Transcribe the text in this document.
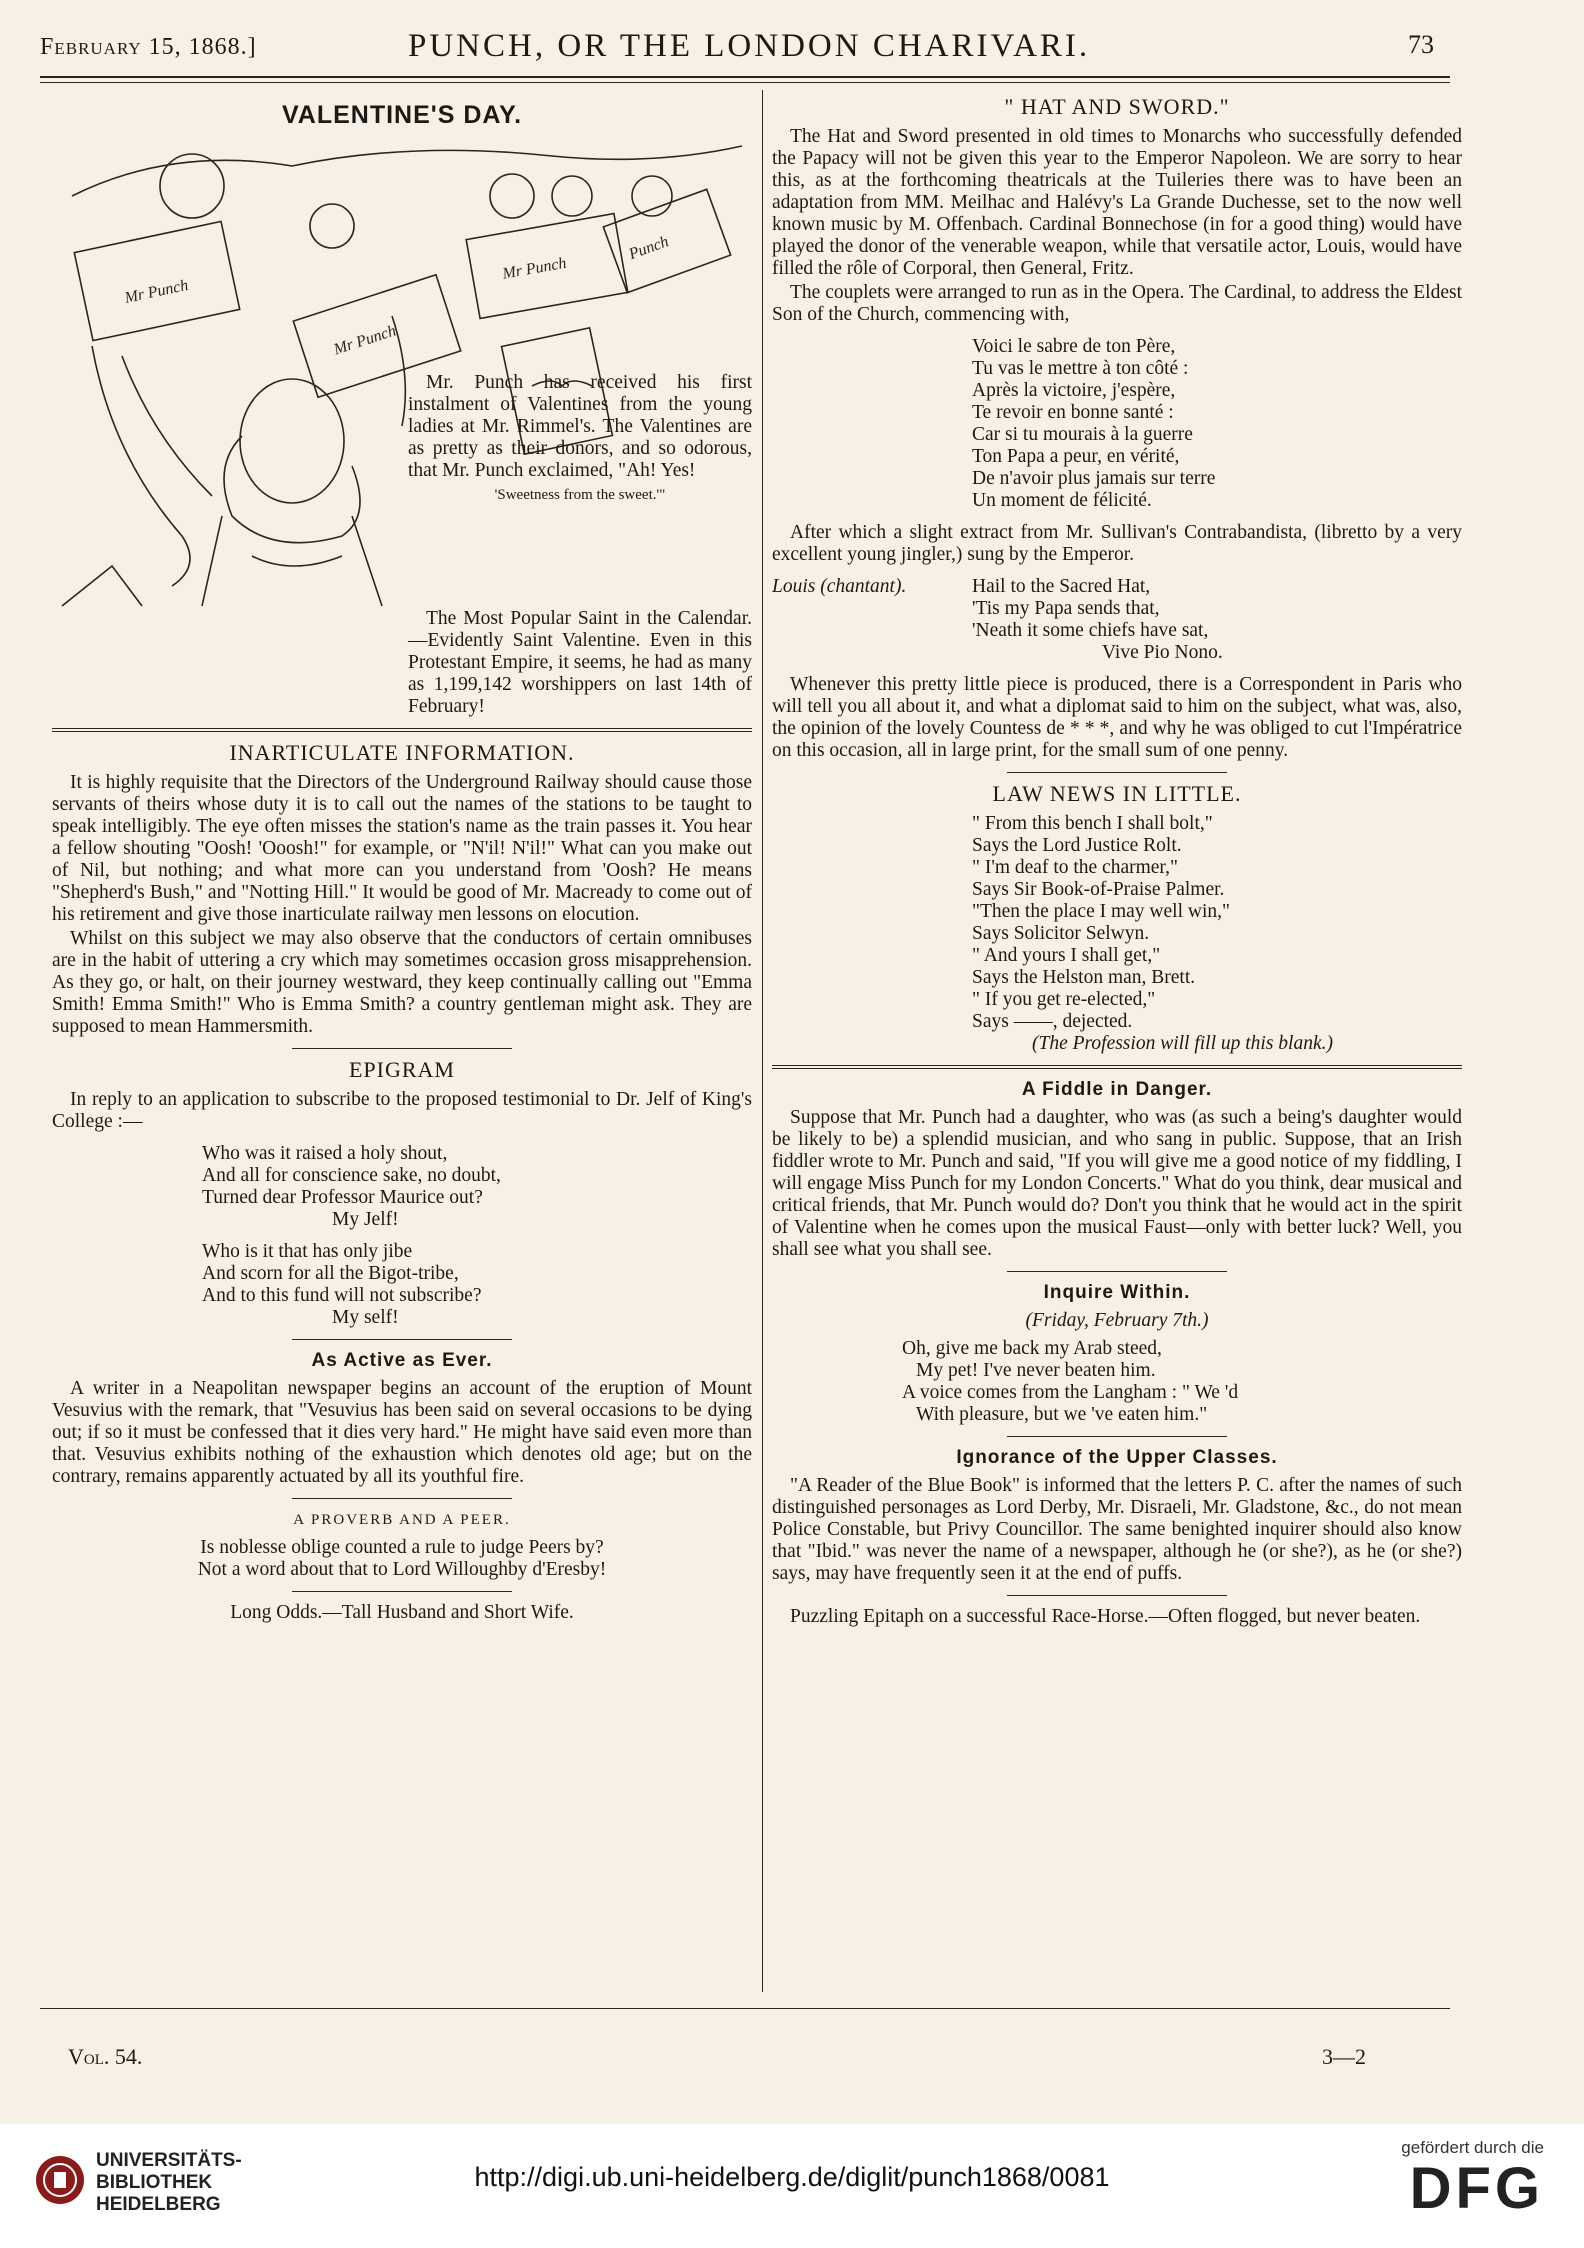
February 15, 1868.]	PUNCH, OR THE LONDON CHARIVARI.	73
VALENTINE'S DAY.
Mr Punch
Mr Punch
Mr Punch
Punch

Mr. Punch has received his first instalment of Valentines from the young ladies at Mr. Rimmel's. The Valentines are as pretty as their donors, and so odorous, that Mr. Punch exclaimed, "Ah! Yes!

'Sweetness from the sweet.'"

The Most Popular Saint in the Calendar.—Evidently Saint Valentine. Even in this Protestant Empire, it seems, he had as many as 1,199,142 worshippers on last 14th of February!

INARTICULATE INFORMATION.

It is highly requisite that the Directors of the Underground Railway should cause those servants of theirs whose duty it is to call out the names of the stations to be taught to speak intelligibly. The eye often misses the station's name as the train passes it. You hear a fellow shouting "Oosh! 'Ooosh!" for example, or "N'il! N'il!" What can you make out of Nil, but nothing; and what more can you understand from 'Oosh? He means "Shepherd's Bush," and "Notting Hill." It would be good of Mr. Macready to come out of his retirement and give those inarticulate railway men lessons on elocution.

Whilst on this subject we may also observe that the conductors of certain omnibuses are in the habit of uttering a cry which may sometimes occasion gross misapprehension. As they go, or halt, on their journey westward, they keep continually calling out "Emma Smith! Emma Smith!" Who is Emma Smith? a country gentleman might ask. They are supposed to mean Hammersmith.

EPIGRAM

In reply to an application to subscribe to the proposed testimonial to Dr. Jelf of King's College :—

Who was it raised a holy shout,
And all for conscience sake, no doubt,
Turned dear Professor Maurice out?
My Jelf!
Who is it that has only jibe
And scorn for all the Bigot-tribe,
And to this fund will not subscribe?
My self!
As Active as Ever.

A writer in a Neapolitan newspaper begins an account of the eruption of Mount Vesuvius with the remark, that "Vesuvius has been said on several occasions to be dying out; if so it must be confessed that it dies very hard." He might have said even more than that. Vesuvius exhibits nothing of the exhaustion which denotes old age; but on the contrary, remains apparently actuated by all its youthful fire.

A PROVERB AND A PEER.
Is noblesse oblige counted a rule to judge Peers by?
Not a word about that to Lord Willoughby d'Eresby!
Long Odds.—Tall Husband and Short Wife.
" HAT AND SWORD."

The Hat and Sword presented in old times to Monarchs who successfully defended the Papacy will not be given this year to the Emperor Napoleon. We are sorry to hear this, as at the forthcoming theatricals at the Tuileries there was to have been an adaptation from MM. Meilhac and Halévy's La Grande Duchesse, set to the now well known music by M. Offenbach. Cardinal Bonnechose (in for a good thing) would have played the donor of the venerable weapon, while that versatile actor, Louis, would have filled the rôle of Corporal, then General, Fritz.

The couplets were arranged to run as in the Opera. The Cardinal, to address the Eldest Son of the Church, commencing with,

Voici le sabre de ton Père,
Tu vas le mettre à ton côté :
Après la victoire, j'espère,
Te revoir en bonne santé :
Car si tu mourais à la guerre
Ton Papa a peur, en vérité,
De n'avoir plus jamais sur terre
Un moment de félicité.

After which a slight extract from Mr. Sullivan's Contrabandista, (libretto by a very excellent young jingler,) sung by the Emperor.

Louis (chantant).	Hail to the Sacred Hat,
'Tis my Papa sends that,
'Neath it some chiefs have sat,
Vive Pio Nono.

Whenever this pretty little piece is produced, there is a Correspondent in Paris who will tell you all about it, and what a diplomat said to him on the subject, what was, also, the opinion of the lovely Countess de * * *, and why he was obliged to cut l'Impératrice on this occasion, all in large print, for the small sum of one penny.

LAW NEWS IN LITTLE.
" From this bench I shall bolt,"
Says the Lord Justice Rolt.
" I'm deaf to the charmer,"
Says Sir Book-of-Praise Palmer.
"Then the place I may well win,"
Says Solicitor Selwyn.
" And yours I shall get,"
Says the Helston man, Brett.
" If you get re-elected,"
Says ——, dejected.
(The Profession will fill up this blank.)
A Fiddle in Danger.

Suppose that Mr. Punch had a daughter, who was (as such a being's daughter would be likely to be) a splendid musician, and who sang in public. Suppose, that an Irish fiddler wrote to Mr. Punch and said, "If you will give me a good notice of my fiddling, I will engage Miss Punch for my London Concerts." What do you think, dear musical and critical friends, that Mr. Punch would do? Don't you think that he would act in the spirit of Valentine when he comes upon the musical Faust—only with better luck? Well, you shall see what you shall see.

Inquire Within.
(Friday, February 7th.)
Oh, give me back my Arab steed,
My pet! I've never beaten him.
A voice comes from the Langham : " We 'd
With pleasure, but we 've eaten him."
Ignorance of the Upper Classes.

"A Reader of the Blue Book" is informed that the letters P. C. after the names of such distinguished personages as Lord Derby, Mr. Disraeli, Mr. Gladstone, &c., do not mean Police Constable, but Privy Councillor. The same benighted inquirer should also know that "Ibid." was never the name of a newspaper, although he (or she?), as he (or she?) says, may have frequently seen it at the end of puffs.

Puzzling Epitaph on a successful Race-Horse.—Often flogged, but never beaten.

Vol. 54.	3—2
UNIVERSITÄTS-
BIBLIOTHEK
HEIDELBERG
http://digi.ub.uni-heidelberg.de/diglit/punch1868/0081
gefördert durch die
DFG
